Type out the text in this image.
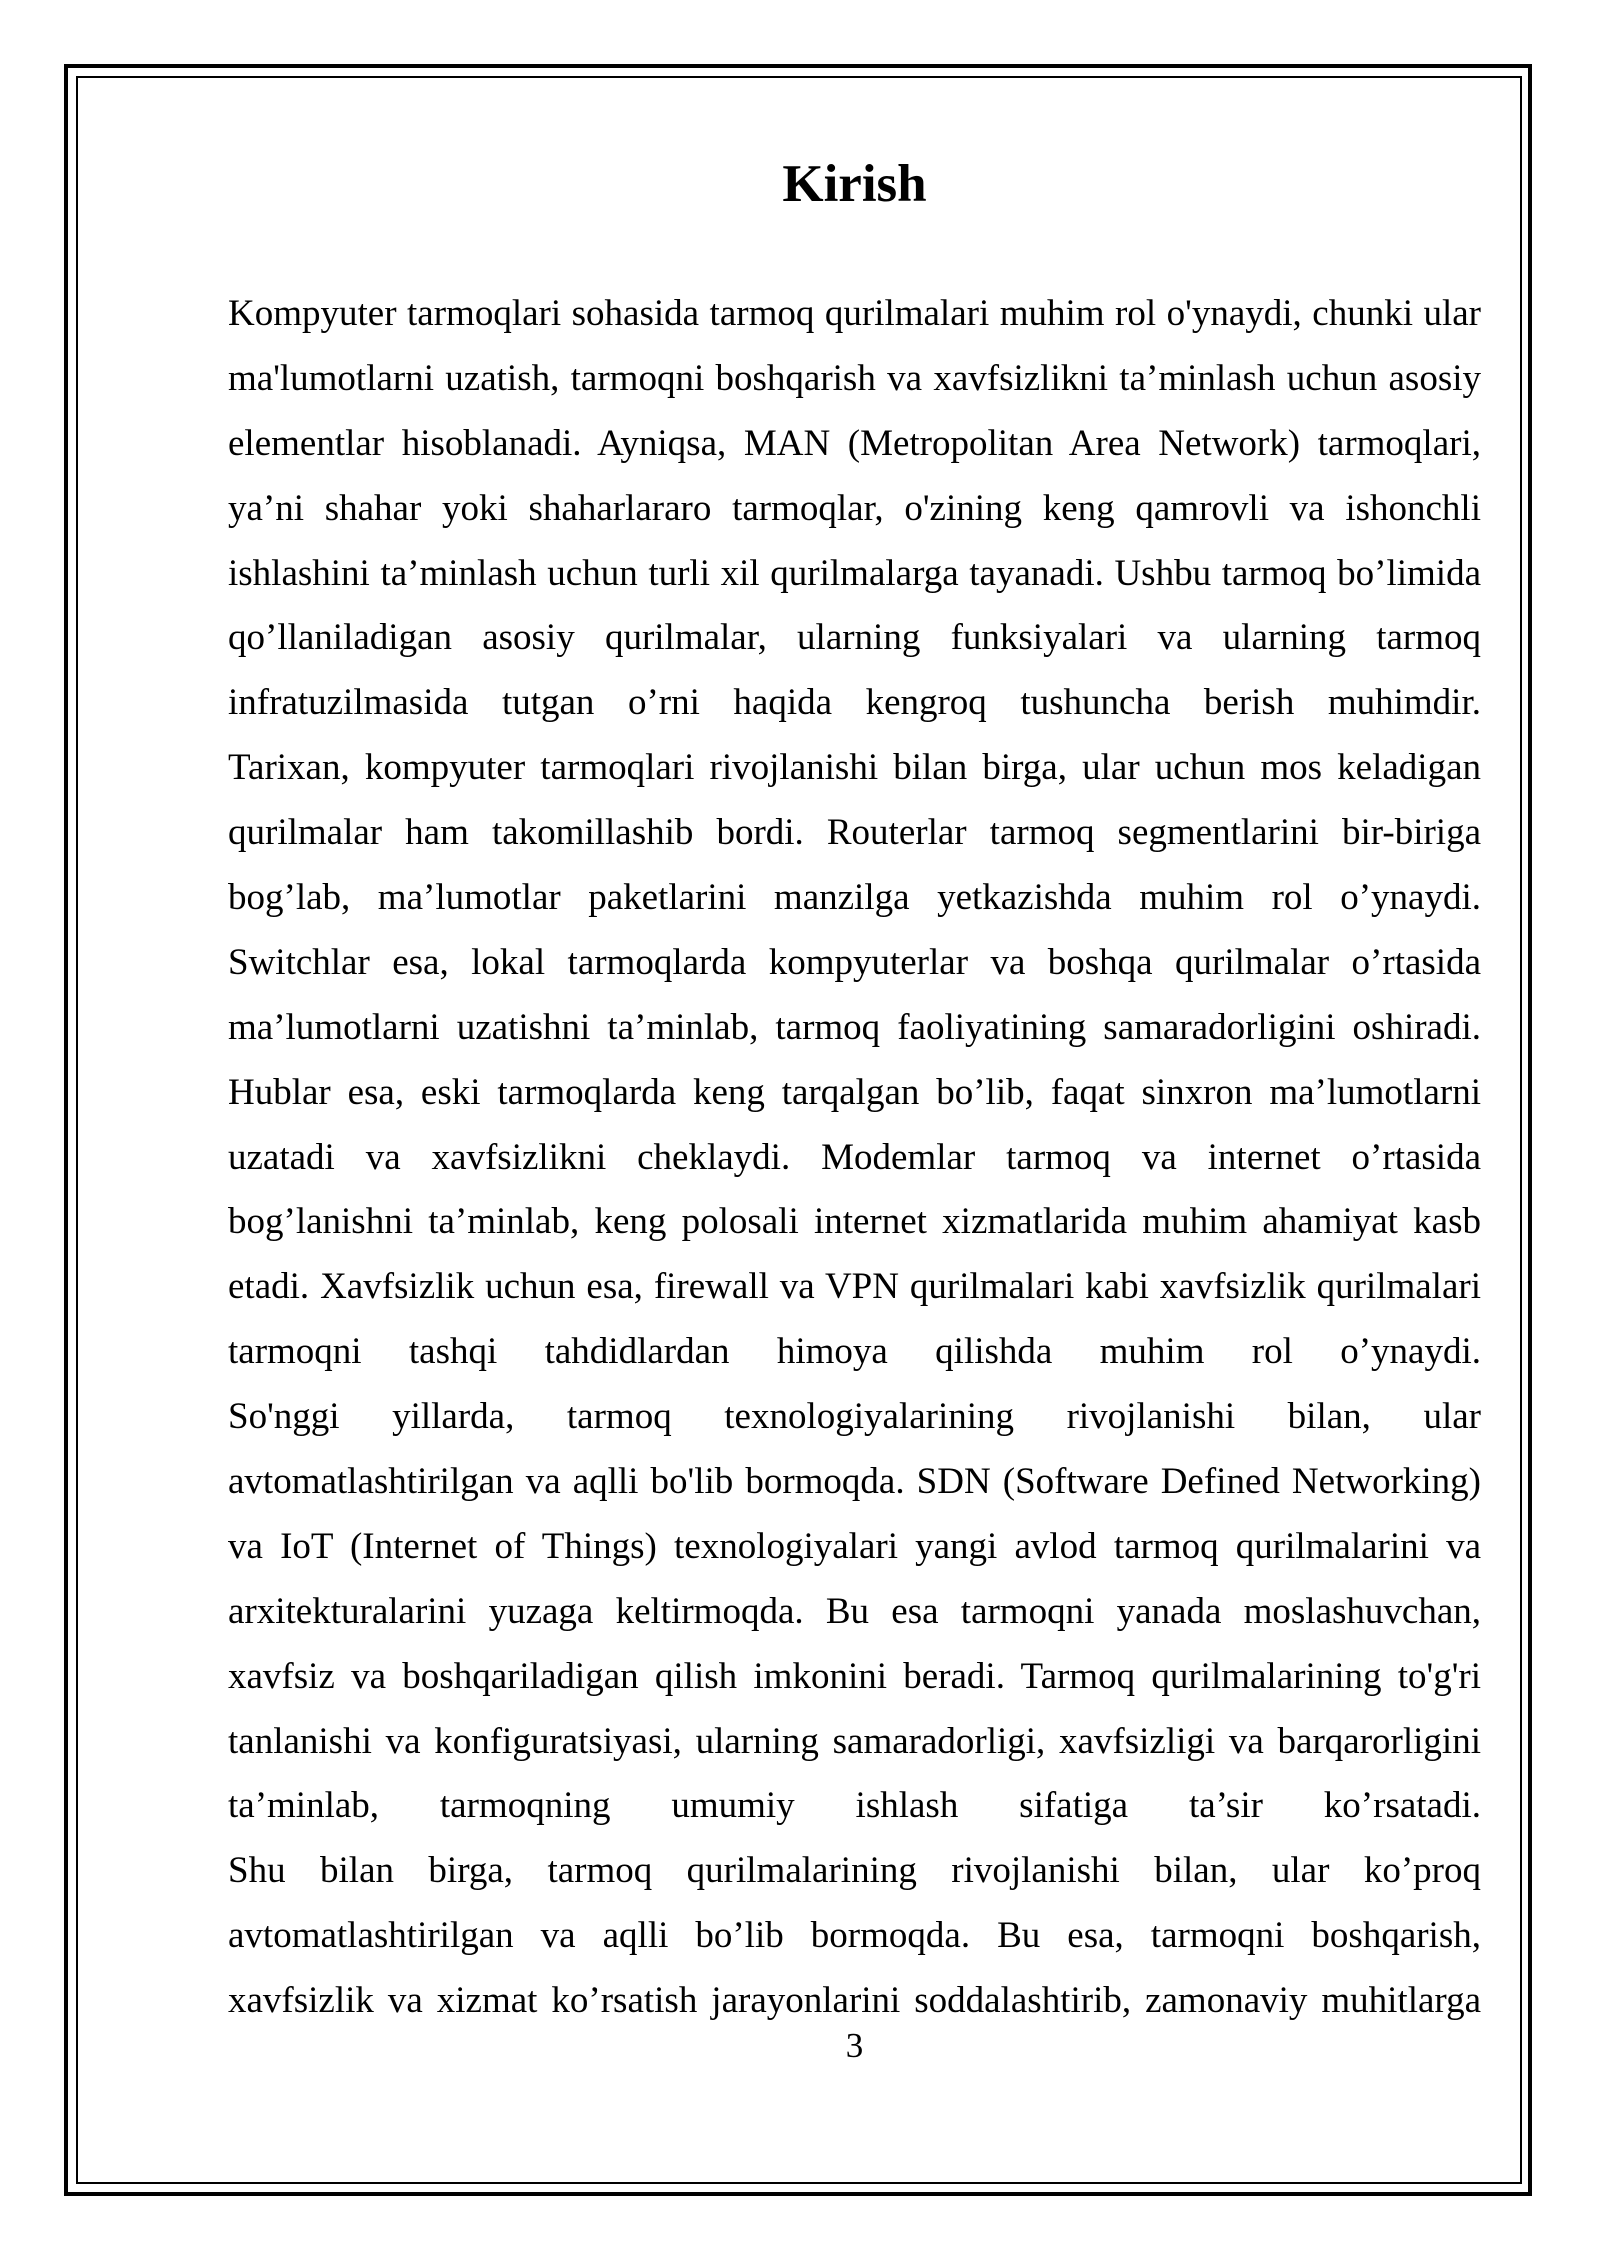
Kirish
Kompyuter tarmoqlari sohasida tarmoq qurilmalari muhim rol o'ynaydi, chunki ular
ma'lumotlarni uzatish, tarmoqni boshqarish va xavfsizlikni ta’minlash uchun asosiy
elementlar hisoblanadi. Ayniqsa, MAN (Metropolitan Area Network) tarmoqlari,
ya’ni shahar yoki shaharlararo tarmoqlar, o'zining keng qamrovli va ishonchli
ishlashini ta’minlash uchun turli xil qurilmalarga tayanadi. Ushbu tarmoq bo’limida
qo’llaniladigan asosiy qurilmalar, ularning funksiyalari va ularning tarmoq
infratuzilmasida tutgan o’rni haqida kengroq tushuncha berish muhimdir.
Tarixan, kompyuter tarmoqlari rivojlanishi bilan birga, ular uchun mos keladigan
qurilmalar ham takomillashib bordi. Routerlar tarmoq segmentlarini bir-biriga
bog’lab, ma’lumotlar paketlarini manzilga yetkazishda muhim rol o’ynaydi.
Switchlar esa, lokal tarmoqlarda kompyuterlar va boshqa qurilmalar o’rtasida
ma’lumotlarni uzatishni ta’minlab, tarmoq faoliyatining samaradorligini oshiradi.
Hublar esa, eski tarmoqlarda keng tarqalgan bo’lib, faqat sinxron ma’lumotlarni
uzatadi va xavfsizlikni cheklaydi. Modemlar tarmoq va internet o’rtasida
bog’lanishni ta’minlab, keng polosali internet xizmatlarida muhim ahamiyat kasb
etadi. Xavfsizlik uchun esa, firewall va VPN qurilmalari kabi xavfsizlik qurilmalari
tarmoqni tashqi tahdidlardan himoya qilishda muhim rol o’ynaydi.
So'nggi yillarda, tarmoq texnologiyalarining rivojlanishi bilan, ular
avtomatlashtirilgan va aqlli bo'lib bormoqda. SDN (Software Defined Networking)
va IoT (Internet of Things) texnologiyalari yangi avlod tarmoq qurilmalarini va
arxitekturalarini yuzaga keltirmoqda. Bu esa tarmoqni yanada moslashuvchan,
xavfsiz va boshqariladigan qilish imkonini beradi. Tarmoq qurilmalarining to'g'ri
tanlanishi va konfiguratsiyasi, ularning samaradorligi, xavfsizligi va barqarorligini
ta’minlab, tarmoqning umumiy ishlash sifatiga ta’sir ko’rsatadi.
Shu bilan birga, tarmoq qurilmalarining rivojlanishi bilan, ular ko’proq
avtomatlashtirilgan va aqlli bo’lib bormoqda. Bu esa, tarmoqni boshqarish,
xavfsizlik va xizmat ko’rsatish jarayonlarini soddalashtirib, zamonaviy muhitlarga
3
